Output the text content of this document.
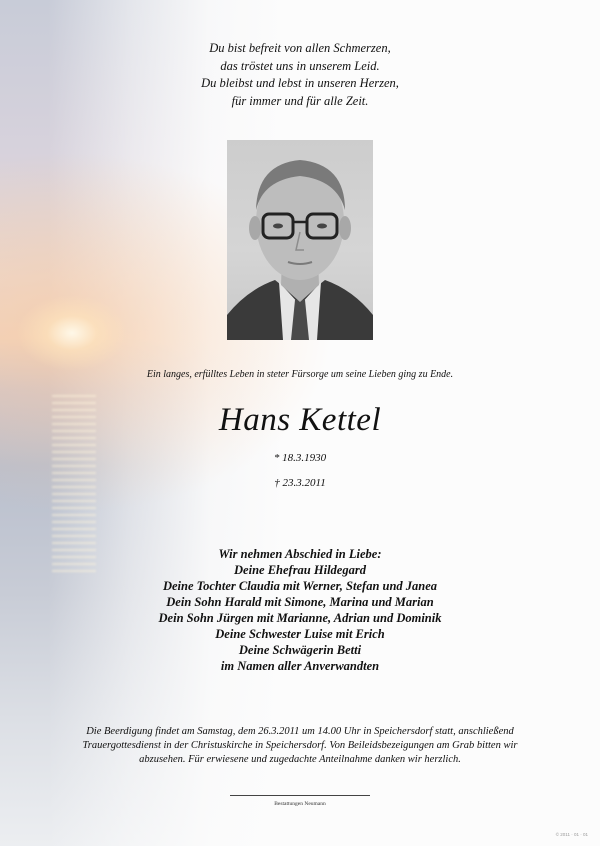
Du bist befreit von allen Schmerzen,
das tröstet uns in unserem Leid.
Du bleibst und lebst in unseren Herzen,
für immer und für alle Zeit.
Ein langes, erfülltes Leben in steter Fürsorge um seine Lieben ging zu Ende.
Hans Kettel
* 18.3.1930
† 23.3.2011
Wir nehmen Abschied in Liebe:
Deine Ehefrau Hildegard
Deine Tochter Claudia mit Werner, Stefan und Janea
Dein Sohn Harald mit Simone, Marina und Marian
Dein Sohn Jürgen mit Marianne, Adrian und Dominik
Deine Schwester Luise mit Erich
Deine Schwägerin Betti
im Namen aller Anverwandten
Die Beerdigung findet am Samstag, dem 26.3.2011 um 14.00 Uhr in Speichersdorf statt, anschließend
Trauergottesdienst in der Christuskirche in Speichersdorf. Von Beileidsbezeigungen am Grab bitten wir
abzusehen. Für erwiesene und zugedachte Anteilnahme danken wir herzlich.
Bestattungen Neumann
© 2011 · 01 · 01
